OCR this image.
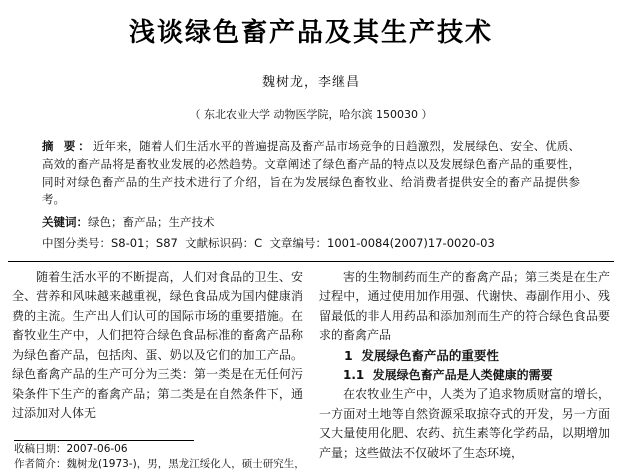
浅谈绿色畜产品及其生产技术
魏树龙，李继昌
（ 东北农业大学 动物医学院，哈尔滨 150030 ）
摘 要：近年来，随着人们生活水平的普遍提高及畜产品市场竞争的日趋激烈，发展绿色、安全、优质、高效的畜产品将是畜牧业发展的必然趋势。文章阐述了绿色畜产品的特点以及发展绿色畜产品的重要性，同时对绿色畜产品的生产技术进行了介绍，旨在为发展绿色畜牧业、给消费者提供安全的畜产品提供参考。
关键词：绿色；畜产品；生产技术
中图分类号：S8-01；S87 文献标识码：C 文章编号：1001-0084(2007)17-0020-03

随着生活水平的不断提高，人们对食品的卫生、安全、营养和风味越来越重视，绿色食品成为国内健康消费的主流。生产出人们认可的国际市场的重要措施。在畜牧业生产中，人们把符合绿色食品标准的畜禽产品称为绿色畜产品，包括肉、蛋、奶以及它们的加工产品。绿色畜禽产品的生产可分为三类：第一类是在无任何污染条件下生产的畜禽产品；第二类是在自然条件下，通过添加对人体无

害的生物制药而生产的畜禽产品；第三类是在生产过程中，通过使用加作用强、代谢快、毒副作用小、残留最低的非人用药品和添加剂而生产的符合绿色食品要求的畜禽产品

1 发展绿色畜产品的重要性

1.1 发展绿色畜产品是人类健康的需要

在农牧业生产中，人类为了追求物质财富的增长，一方面对土地等自然资源采取掠夺式的开发，另一方面又大量使用化肥、农药、抗生素等化学药品，以期增加产量；这些做法不仅破坏了生态环境，

收稿日期：2007-06-06
作者简介：魏树龙(1973-)，男，黑龙江绥化人，硕士研究生，
